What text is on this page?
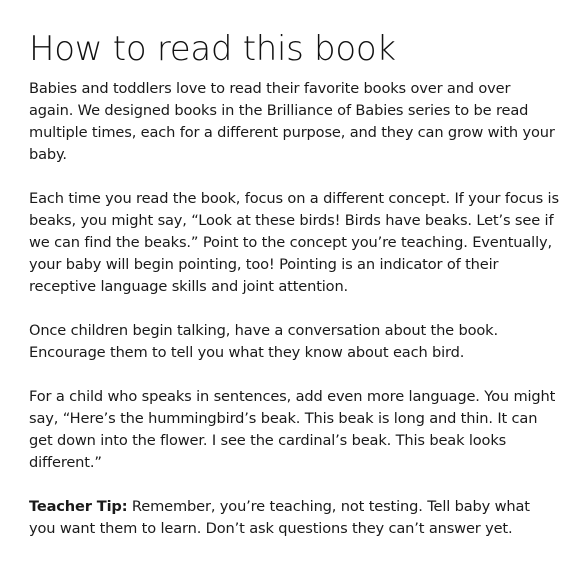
How to read this book

Babies and toddlers love to read their favorite books over and over again. We designed books in the Brilliance of Babies series to be read multiple times, each for a different purpose, and they can grow with your baby.

Each time you read the book, focus on a different concept. If your focus is beaks, you might say, “Look at these birds! Birds have beaks. Let’s see if we can find the beaks.” Point to the concept you’re teaching. Eventually, your baby will begin pointing, too! Pointing is an indicator of their receptive language skills and joint attention.

Once children begin talking, have a conversation about the book. Encourage them to tell you what they know about each bird.

For a child who speaks in sentences, add even more language. You might say, “Here’s the hummingbird’s beak. This beak is long and thin. It can get down into the flower. I see the cardinal’s beak. This beak looks different.”

Teacher Tip: Remember, you’re teaching, not testing. Tell baby what you want them to learn. Don’t ask questions they can’t answer yet.
